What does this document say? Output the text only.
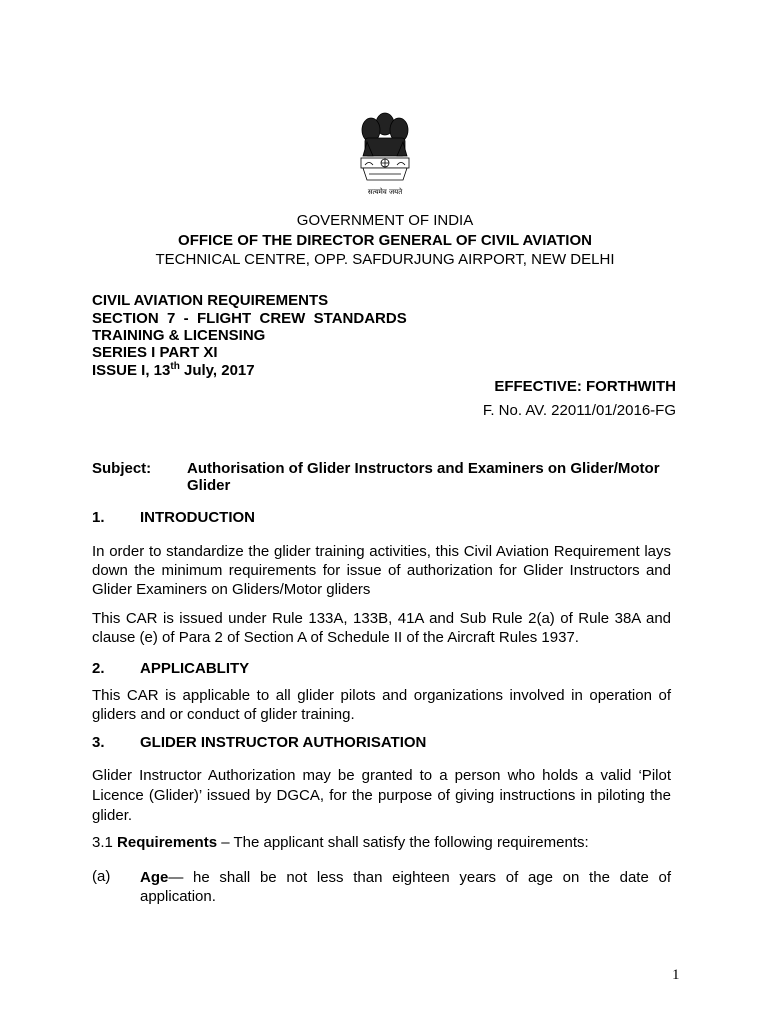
सत्यमेव जयते
GOVERNMENT OF INDIA
OFFICE OF THE DIRECTOR GENERAL OF CIVIL AVIATION
TECHNICAL CENTRE, OPP. SAFDURJUNG AIRPORT, NEW DELHI
CIVIL AVIATION REQUIREMENTS
SECTION  7  -  FLIGHT  CREW  STANDARDS
TRAINING & LICENSING
SERIES I PART XI
ISSUE I, 13th July, 2017
EFFECTIVE: FORTHWITH
F. No. AV. 22011/01/2016-FG
Subject: Authorisation of Glider Instructors and Examiners on Glider/Motor
Glider
1. INTRODUCTION
In order to standardize the glider training activities, this Civil Aviation Requirement lays down the minimum requirements for issue of authorization for Glider Instructors and Glider Examiners on Gliders/Motor gliders
This CAR is issued under Rule 133A, 133B, 41A and Sub Rule 2(a) of Rule 38A and clause (e) of Para 2 of Section A of Schedule II of the Aircraft Rules 1937.
2. APPLICABLITY
This CAR is applicable to all glider pilots and organizations involved in operation of gliders and or conduct of glider training.
3. GLIDER INSTRUCTOR AUTHORISATION
Glider Instructor Authorization may be granted to a person who holds a valid ‘Pilot Licence (Glider)’ issued by DGCA, for the purpose of giving instructions in piloting the glider.
3.1 Requirements – The applicant shall satisfy the following requirements:
(a) Age— he shall be not less than eighteen years of age on the date of application.
1
